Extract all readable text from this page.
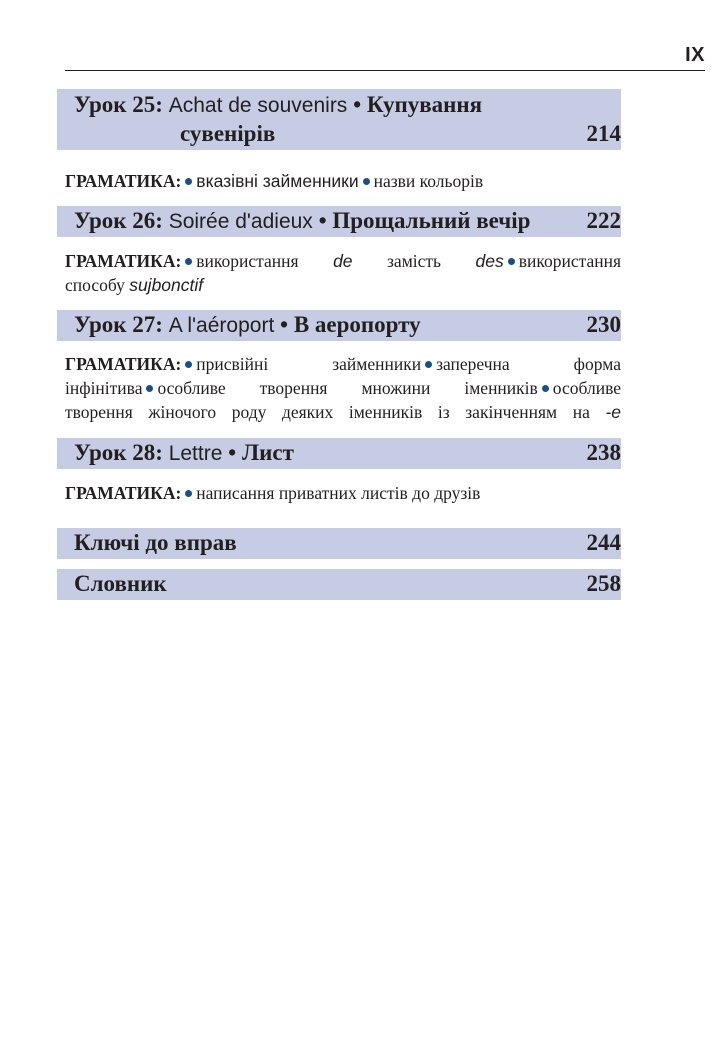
IX
Урок 25: Achat de souvenirs • Купування
сувенірів	214
ГРАМАТИКА: вказівні займенники назви кольорів
Урок 26: Soirée d'adieux • Прощальний вечір 222
ГРАМАТИКА: використання de замість des використання
способу sujbonctif
Урок 27: A l'aéroport • В аеропорту	230
ГРАМАТИКА: присвійні займенники заперечна форма
інфінітива особливе творення множини іменників особливе
творення жіночого роду деяких іменників із закінченням на -e
Урок 28: Lettre • Лист	238
ГРАМАТИКА: написання приватних листів до друзів
Ключі до вправ	244
Словник	258
